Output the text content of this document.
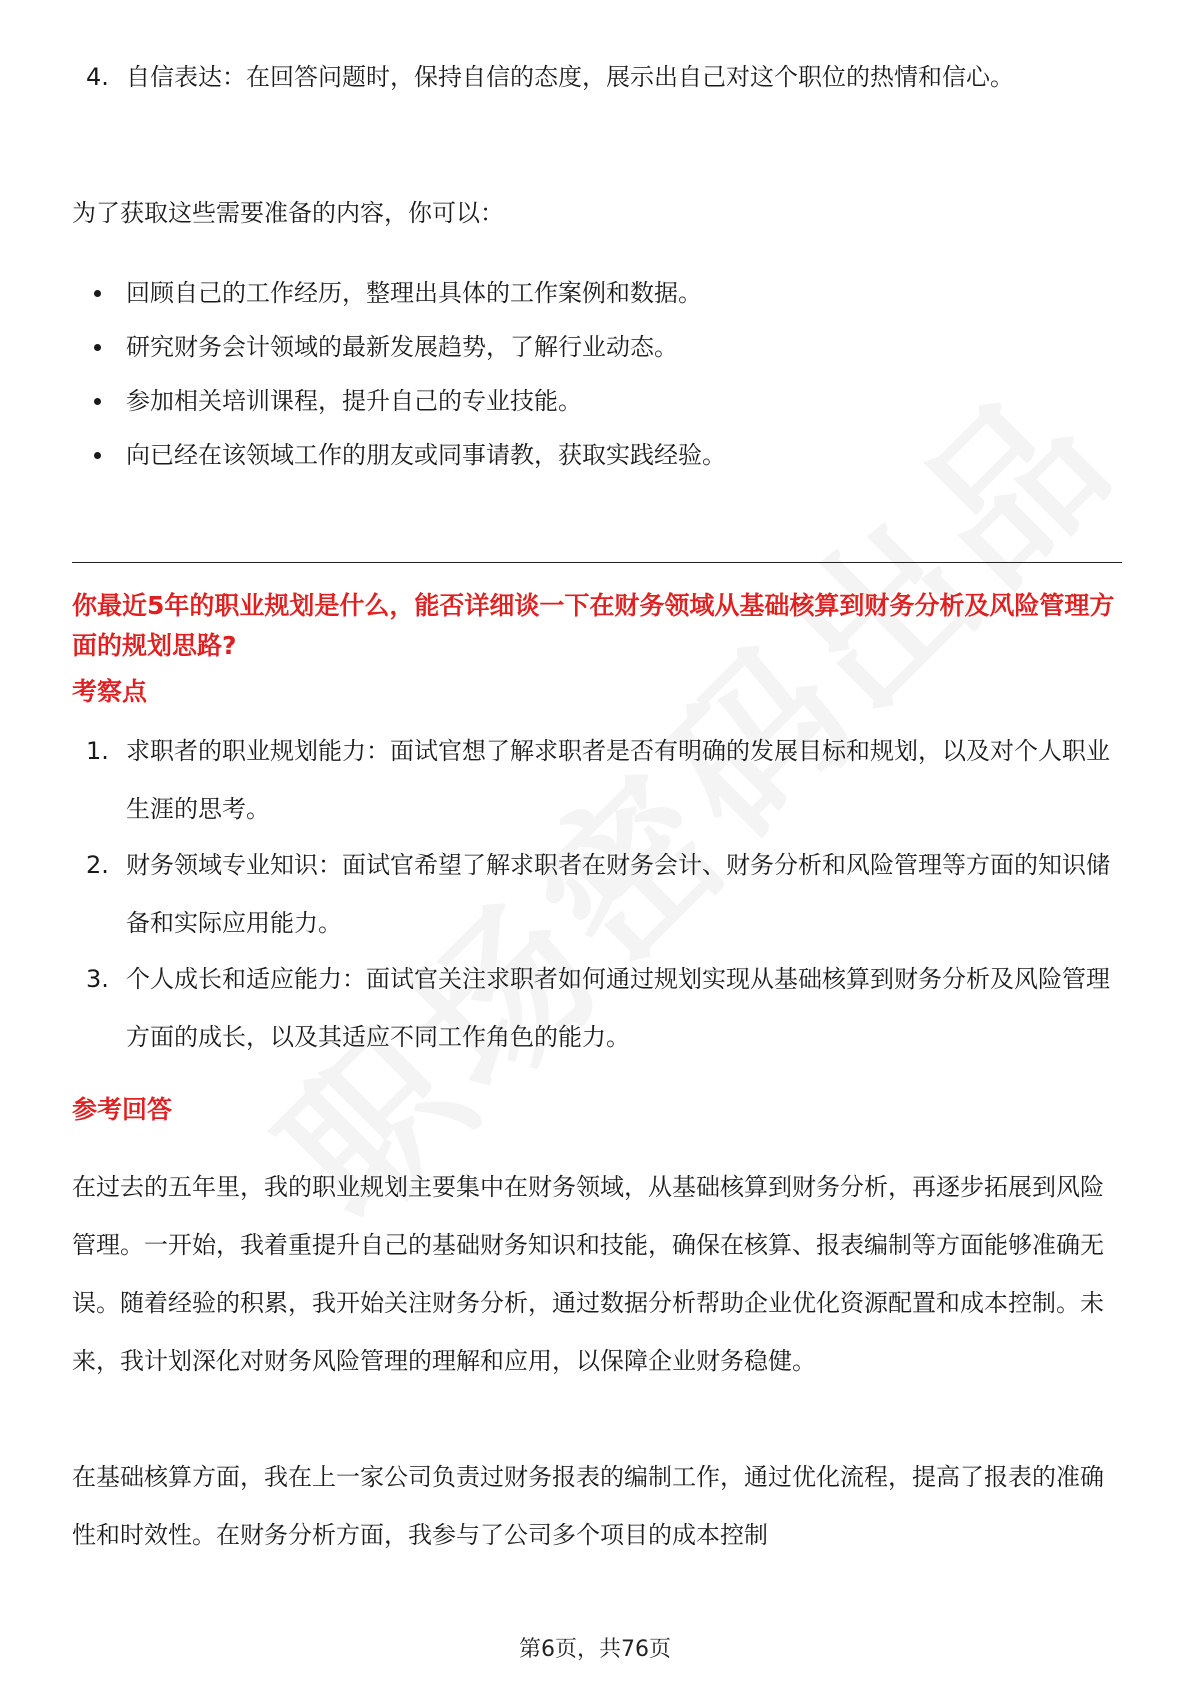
4. 自信表达：在回答问题时，保持自信的态度，展示出自己对这个职位的热情和信心。
为了获取这些需要准备的内容，你可以：
回顾自己的工作经历，整理出具体的工作案例和数据。
研究财务会计领域的最新发展趋势，了解行业动态。
参加相关培训课程，提升自己的专业技能。
向已经在该领域工作的朋友或同事请教，获取实践经验。
你最近5年的职业规划是什么，能否详细谈一下在财务领域从基础核算到财务分析及风险管理方面的规划思路?
考察点
1. 求职者的职业规划能力：面试官想了解求职者是否有明确的发展目标和规划，以及对个人职业生涯的思考。
2. 财务领域专业知识：面试官希望了解求职者在财务会计、财务分析和风险管理等方面的知识储备和实际应用能力。
3. 个人成长和适应能力：面试官关注求职者如何通过规划实现从基础核算到财务分析及风险管理方面的成长，以及其适应不同工作角色的能力。
参考回答
在过去的五年里，我的职业规划主要集中在财务领域，从基础核算到财务分析，再逐步拓展到风险管理。一开始，我着重提升自己的基础财务知识和技能，确保在核算、报表编制等方面能够准确无误。随着经验的积累，我开始关注财务分析，通过数据分析帮助企业优化资源配置和成本控制。未来，我计划深化对财务风险管理的理解和应用，以保障企业财务稳健。
在基础核算方面，我在上一家公司负责过财务报表的编制工作，通过优化流程，提高了报表的准确性和时效性。在财务分析方面，我参与了公司多个项目的成本控制
第6页，共76页
